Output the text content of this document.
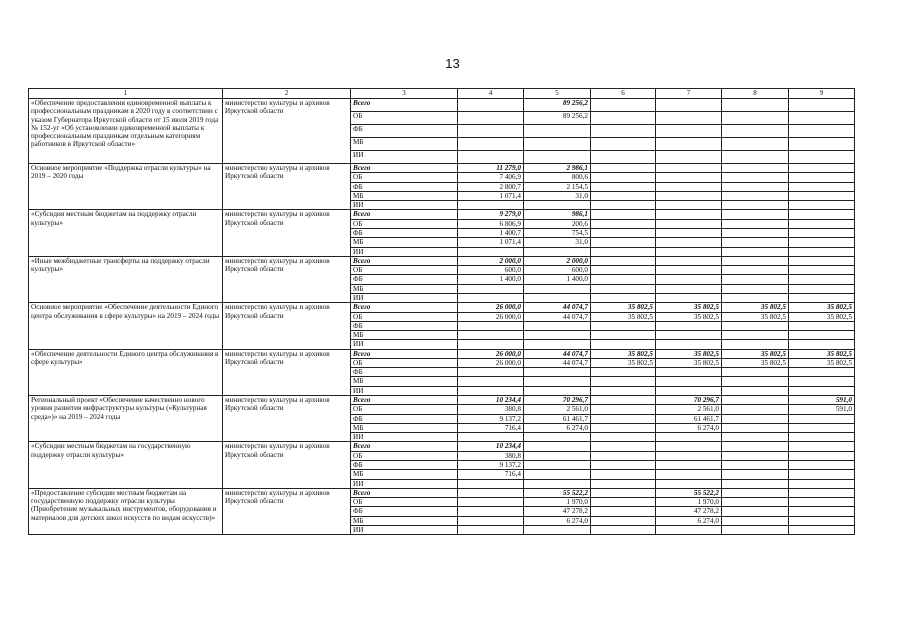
13
1	2	3	4	5	6	7	8	9
«Обеспечение предоставления единовременной выплаты к профессиональным праздникам в 2020 году в соответствии с указом Губернатора Иркутской области от 15 июля 2019 года № 152-уг «Об установлении единовременной выплаты к профессиональным праздникам отдельным категориям работников в Иркутской области»	министерство культуры и архивов Иркутской области	Всего		89 256,2				
		ОБ		89 256,2				
		ФБ						
		МБ						
		ИИ						
Основное мероприятие «Поддержка отрасли культуры» на 2019 – 2020 годы	министерство культуры и архивов Иркутской области	Всего	11 279,0	2 986,1				
		ОБ	7 406,9	800,6				
		ФБ	2 800,7	2 154,5				
		МБ	1 071,4	31,0				
		ИИ						
«Субсидия местным бюджетам на поддержку отрасли культуры»	министерство культуры и архивов Иркутской области	Всего	9 279,0	986,1				
		ОБ	6 806,9	200,6				
		ФБ	1 400,7	754,5				
		МБ	1 071,4	31,0				
		ИИ						
«Иные межбюджетные трансферты на поддержку отрасли культуры»	министерство культуры и архивов Иркутской области	Всего	2 000,0	2 000,0				
		ОБ	600,0	600,0				
		ФБ	1 400,0	1 400,0				
		МБ						
		ИИ						
Основное мероприятие «Обеспечение деятельности Единого центра обслуживания в сфере культуры» на 2019 – 2024 годы	министерство культуры и архивов Иркутской области	Всего	26 000,0	44 074,7	35 802,5	35 802,5	35 802,5	35 802,5
		ОБ	26 000,0	44 074,7	35 802,5	35 802,5	35 802,5	35 802,5
		ФБ						
		МБ						
		ИИ						
«Обеспечение деятельности Единого центра обслуживания в сфере культуры»	министерство культуры и архивов Иркутской области	Всего	26 000,0	44 074,7	35 802,5	35 802,5	35 802,5	35 802,5
		ОБ	26 000,0	44 074,7	35 802,5	35 802,5	35 802,5	35 802,5
		ФБ						
		МБ						
		ИИ						
Региональный проект «Обеспечение качественно нового уровня развития инфраструктуры культуры («Культурная среда»)» на 2019 – 2024 годы	министерство культуры и архивов Иркутской области	Всего	10 234,4	70 296,7		70 296,7		591,0
		ОБ	380,8	2 561,0		2 561,0		591,0
		ФБ	9 137,2	61 461,7		61 461,7		
		МБ	716,4	6 274,0		6 274,0		
		ИИ						
«Субсидии местным бюджетам на государственную поддержку отрасли культуры»	министерство культуры и архивов Иркутской области	Всего	10 234,4					
		ОБ	380,8					
		ФБ	9 137,2					
		МБ	716,4					
		ИИ						
«Предоставление субсидии местным бюджетам на государственную поддержку отрасли культуры (Приобретение музыкальных инструментов, оборудования и материалов для детских школ искусств по видам искусств)»	министерство культуры и архивов Иркутской области	Всего		55 522,2		55 522,2		
		ОБ		1 970,0		1 970,0		
		ФБ		47 278,2		47 278,2		
		МБ		6 274,0		6 274,0		
		ИИ						
